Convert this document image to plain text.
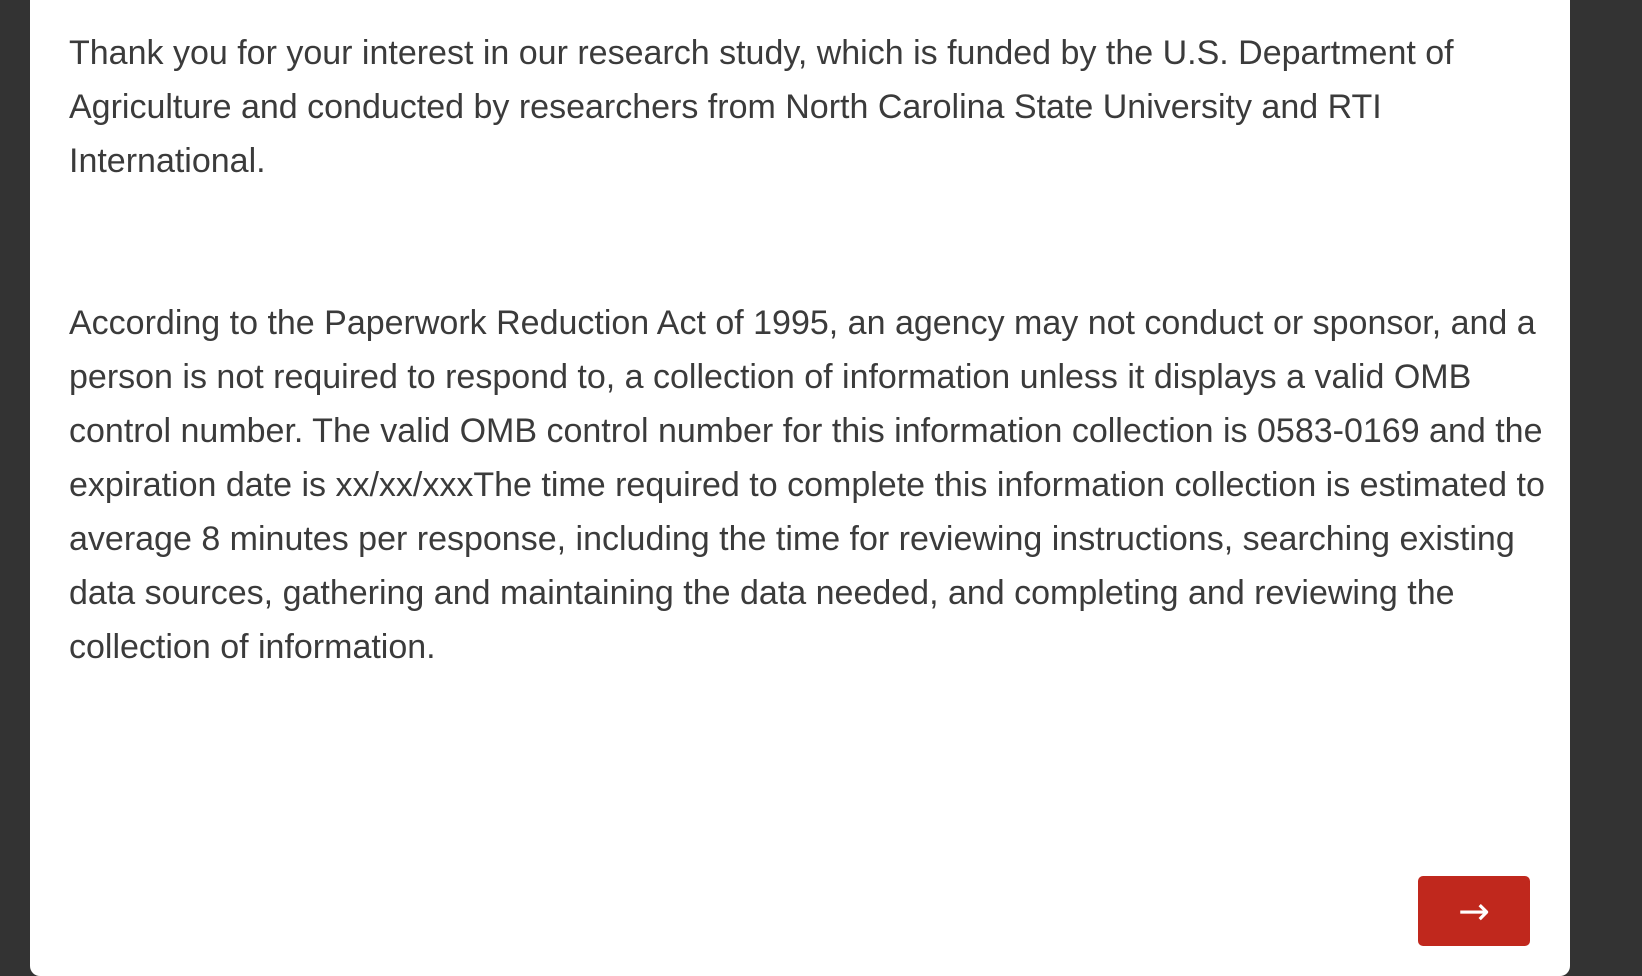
Thank you for your interest in our research study, which is funded by the U.S. Department of Agriculture and conducted by researchers from North Carolina State University and RTI International.

According to the Paperwork Reduction Act of 1995, an agency may not conduct or sponsor, and a person is not required to respond to, a collection of information unless it displays a valid OMB control number. The valid OMB control number for this information collection is 0583-0169 and the expiration date is xx/xx/xxxThe time required to complete this information collection is estimated to average 8 minutes per response, including the time for reviewing instructions, searching existing data sources, gathering and maintaining the data needed, and completing and reviewing the collection of information.

→
